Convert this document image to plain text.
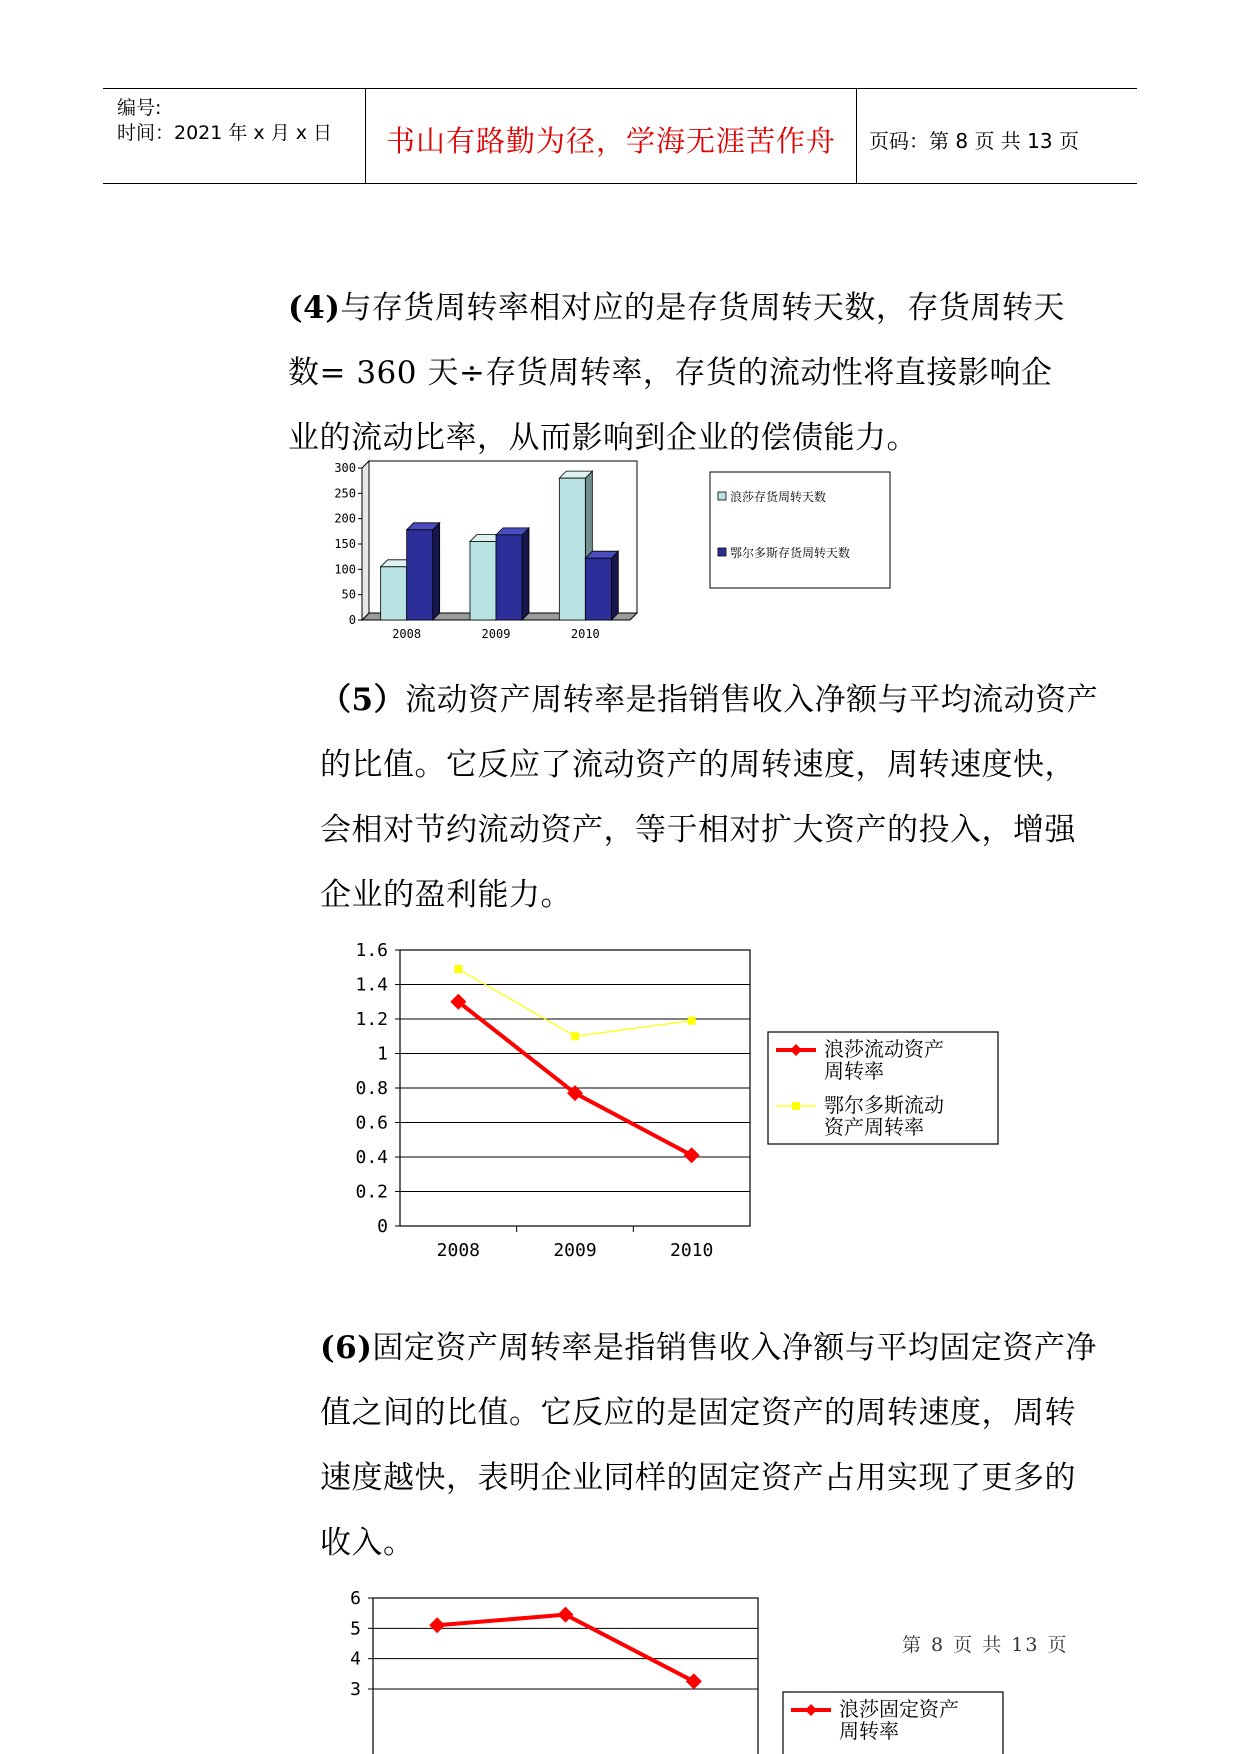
编号:
时间：2021 年 x 月 x 日	书山有路勤为径，学海无涯苦作舟	页码：第 8 页 共 13 页

(4)与存货周转率相对应的是存货周转天数，存货周转天数= 360 天÷存货周转率，存货的流动性将直接影响企业的流动比率，从而影响到企业的偿债能力。

0
50
100
150
200
250
300
2008	2009	2010
浪莎存货周转天数
鄂尔多斯存货周转天数

（5）流动资产周转率是指销售收入净额与平均流动资产的比值。它反应了流动资产的周转速度，周转速度快，会相对节约流动资产，等于相对扩大资产的投入，增强企业的盈利能力。

0
0.2
0.4
0.6
0.8
1
1.2
1.4
1.6
2008	2009	2010
浪莎流动资产
周转率
鄂尔多斯流动
资产周转率

(6)固定资产周转率是指销售收入净额与平均固定资产净值之间的比值。它反应的是固定资产的周转速度，周转速度越快，表明企业同样的固定资产占用实现了更多的收入。

3
4
5
6
浪莎固定资产
周转率
第 8 页 共 13 页
